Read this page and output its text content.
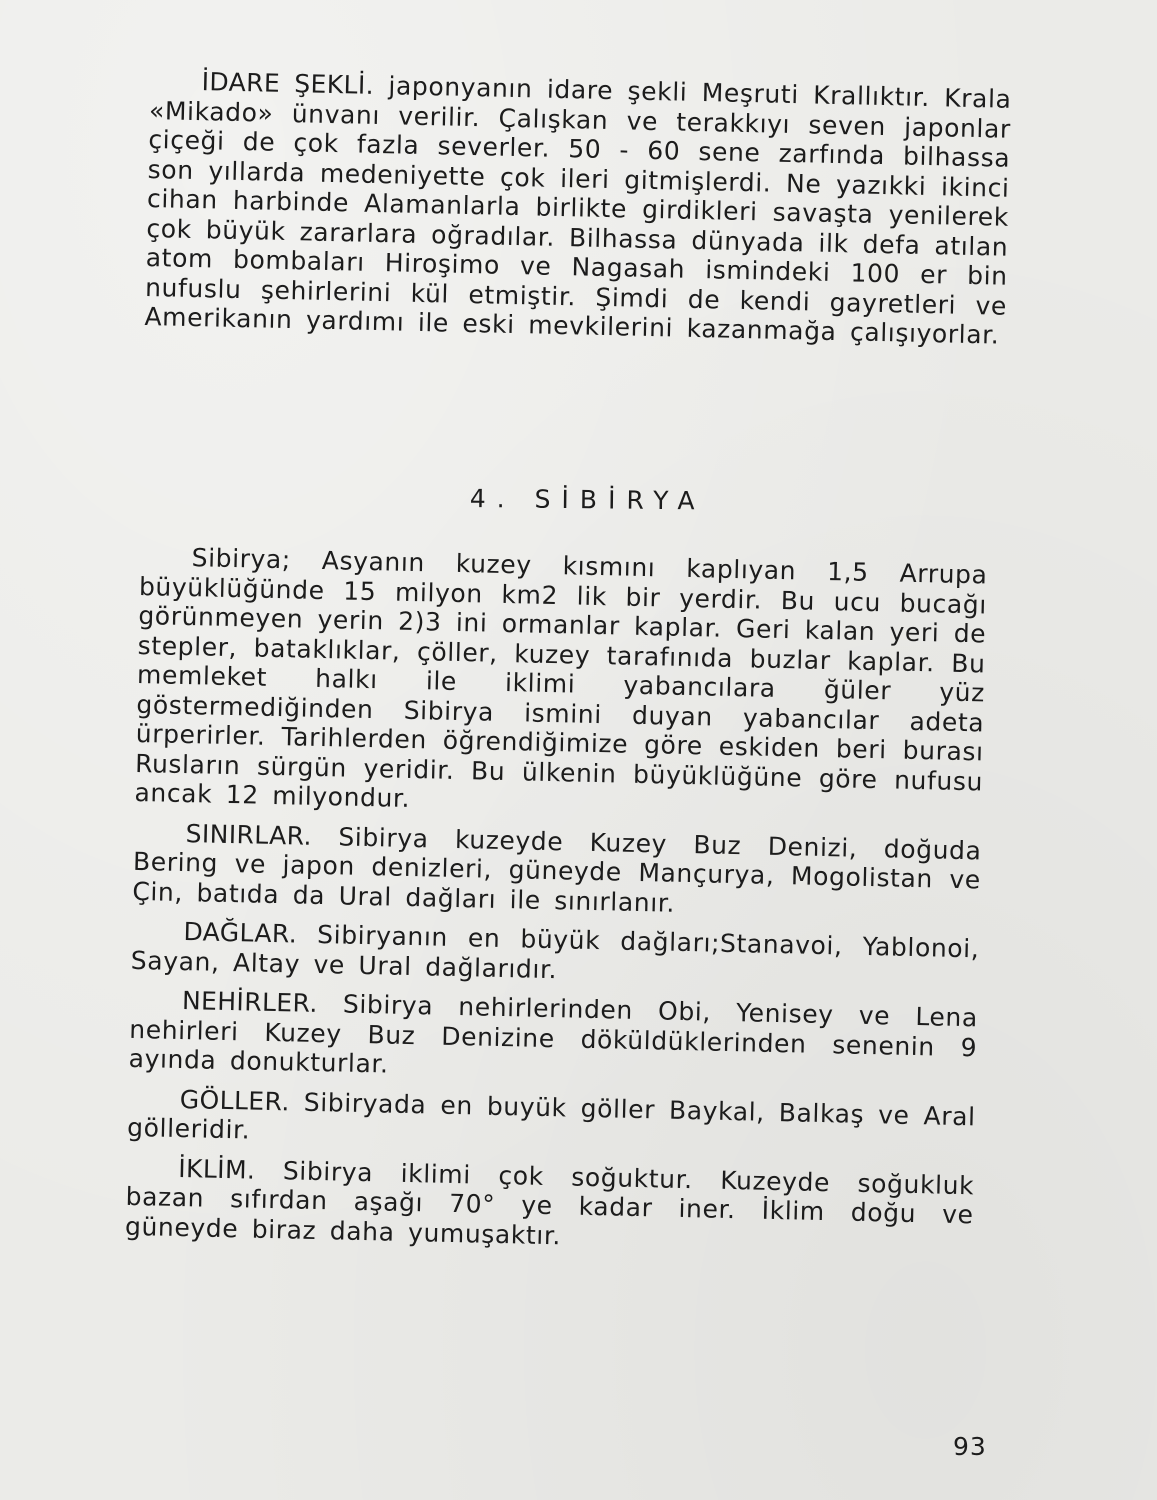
İDARE ŞEKLİ. japonyanın idare şekli Meşruti Krallıktır. Krala «Mikado» ünvanı verilir. Çalışkan ve terakkıyı seven japonlar çiçeği de çok fazla severler. 50 - 60 sene zarfında bilhassa son yıllarda medeniyette çok ileri gitmişlerdi. Ne yazıkki ikinci cihan harbinde Alamanlarla birlikte girdikleri savaşta yenilerek çok büyük zararlara oğradılar. Bilhassa dünyada ilk defa atılan atom bombaları Hiroşimo ve Nagasah ismindeki 100 er bin nufuslu şehirlerini kül etmiştir. Şimdi de kendi gayretleri ve Amerikanın yardımı ile eski mevkilerini kazanmağa çalışıyorlar.

4. SİBİRYA

Sibirya; Asyanın kuzey kısmını kaplıyan 1,5 Arrupa büyüklüğünde 15 milyon km2 lik bir yerdir. Bu ucu bucağı görünmeyen yerin 2)3 ini ormanlar kaplar. Geri kalan yeri de stepler, bataklıklar, çöller, kuzey tarafınıda buzlar kaplar. Bu memleket halkı ile iklimi yabancılara ğüler yüz göstermediğinden Sibirya ismini duyan yabancılar adeta ürperirler. Tarihlerden öğrendiğimize göre eskiden beri burası Rusların sürgün yeridir. Bu ülkenin büyüklüğüne göre nufusu ancak 12 milyondur.

SINIRLAR. Sibirya kuzeyde Kuzey Buz Denizi, doğuda Bering ve japon denizleri, güneyde Mançurya, Mogolistan ve Çin, batıda da Ural dağları ile sınırlanır.

DAĞLAR. Sibiryanın en büyük dağları;Stanavoi, Yablonoi, Sayan, Altay ve Ural dağlarıdır.

NEHİRLER. Sibirya nehirlerinden Obi, Yenisey ve Lena nehirleri Kuzey Buz Denizine döküldüklerinden senenin 9 ayında donukturlar.

GÖLLER. Sibiryada en buyük göller Baykal, Balkaş ve Aral gölleridir.

İKLİM. Sibirya iklimi çok soğuktur. Kuzeyde soğukluk bazan sıfırdan aşağı 70° ye kadar iner. İklim doğu ve güneyde biraz daha yumuşaktır.

93
